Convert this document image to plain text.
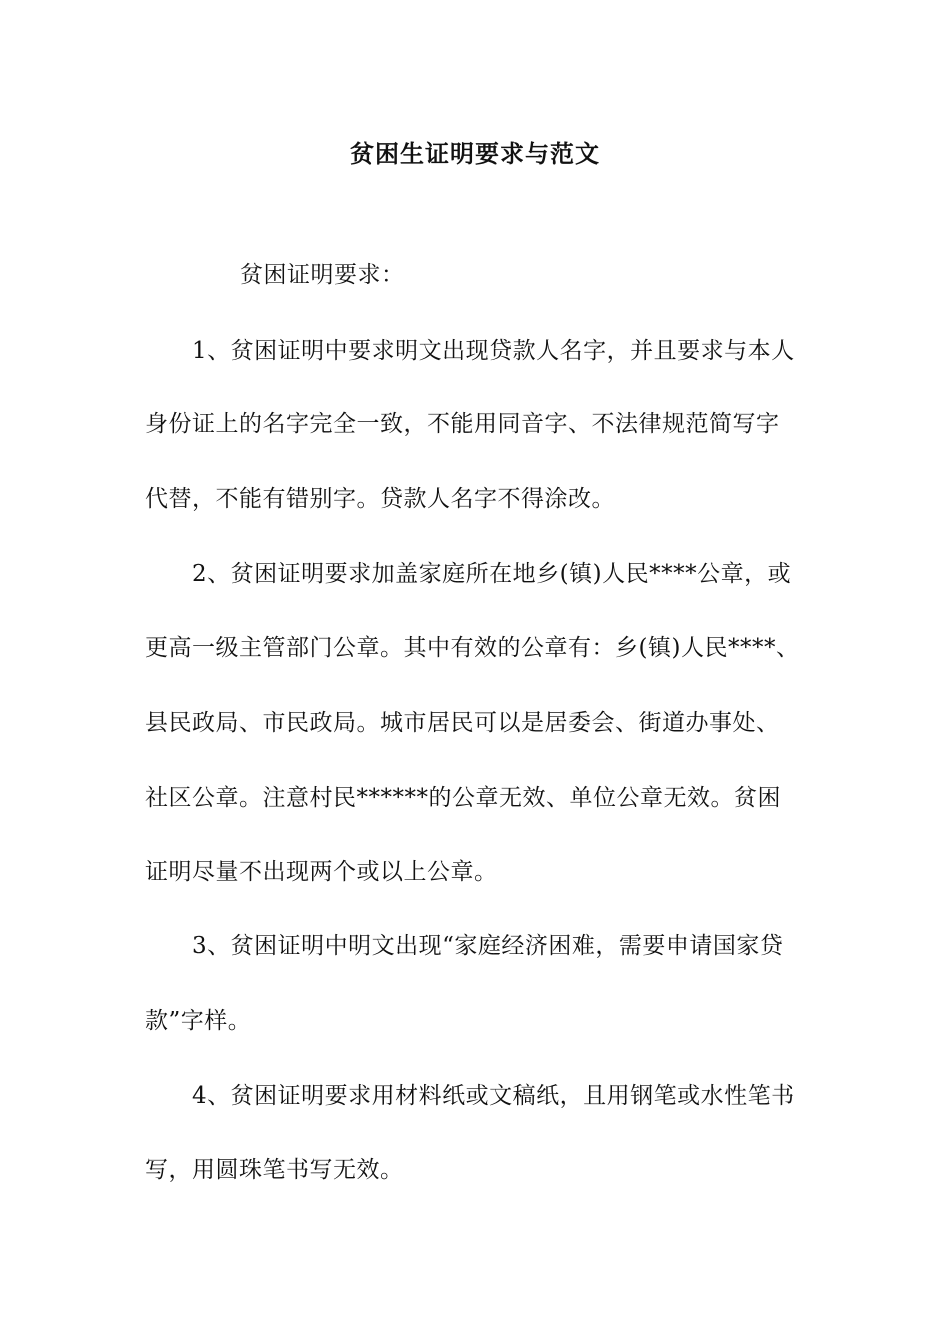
贫困生证明要求与范文
贫困证明要求：
1、贫困证明中要求明文出现贷款人名字，并且要求与本人
身份证上的名字完全一致，不能用同音字、不法律规范简写字
代替，不能有错别字。贷款人名字不得涂改。
2、贫困证明要求加盖家庭所在地乡(镇)人民****公章，或
更高一级主管部门公章。其中有效的公章有：乡(镇)人民****、
县民政局、市民政局。城市居民可以是居委会、街道办事处、
社区公章。注意村民******的公章无效、单位公章无效。贫困
证明尽量不出现两个或以上公章。
3、贫困证明中明文出现“家庭经济困难，需要申请国家贷
款”字样。
4、贫困证明要求用材料纸或文稿纸，且用钢笔或水性笔书
写，用圆珠笔书写无效。
